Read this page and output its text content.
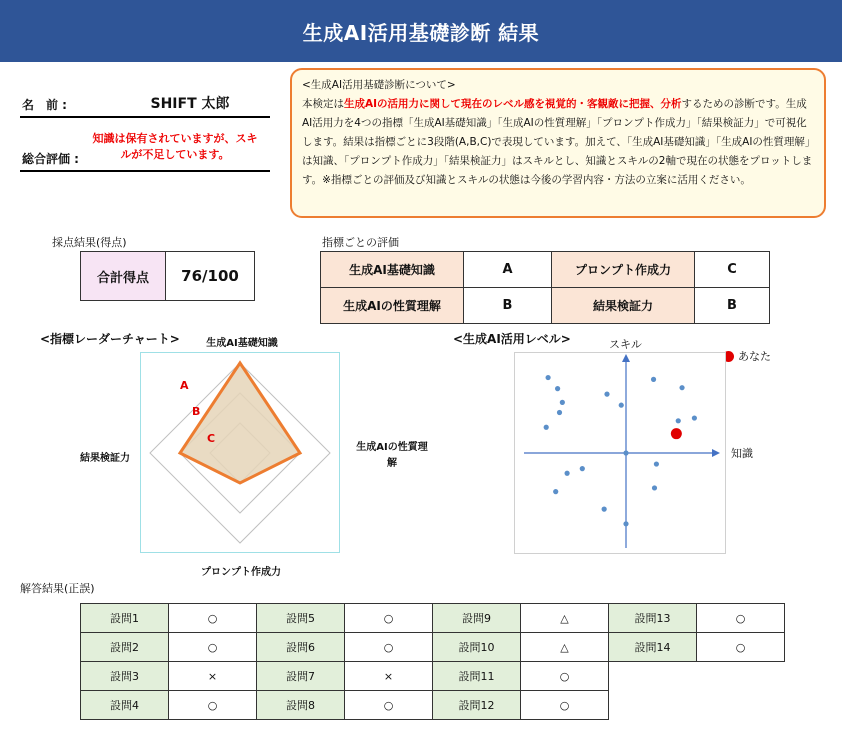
生成AI活用基礎診断 結果
名　前 :	SHIFT 太郎
総合評価 :
知識は保有されていますが、スキルが不足しています。
<生成AI活用基礎診断について>
本検定は生成AIの活用力に関して現在のレベル感を視覚的・客観敵に把握、分析するための診断です。生成AI活用力を4つの指標「生成AI基礎知識」「生成AIの性質理解」「プロンプト作成力」「結果検証力」で可視化します。結果は指標ごとに3段階(A,B,C)で表現しています。加えて、「生成AI基礎知識」「生成AIの性質理解」は知識、「プロンプト作成力」「結果検証力」はスキルとし、知識とスキルの2軸で現在の状態をプロットします。※指標ごとの評価及び知識とスキルの状態は今後の学習内容・方法の立案に活用ください。
採点結果(得点)
合計得点	76/100
指標ごとの評価
生成AI基礎知識	A	プロンプト作成力	C
生成AIの性質理解	B	結果検証力	B
<指標レーダーチャート>	生成AI基礎知識
生成AIの性質理
解
結果検証力
プロンプト作成力
A
B
C
<生成AI活用レベル>	スキル
知識
あなた
解答結果(正誤)
設問1	○	設問5	○	設問9	△	設問13	○
設問2	○	設問6	○	設問10	△	設問14	○
設問3	×	設問7	×	設問11	○		
設問4	○	設問8	○	設問12	○		
